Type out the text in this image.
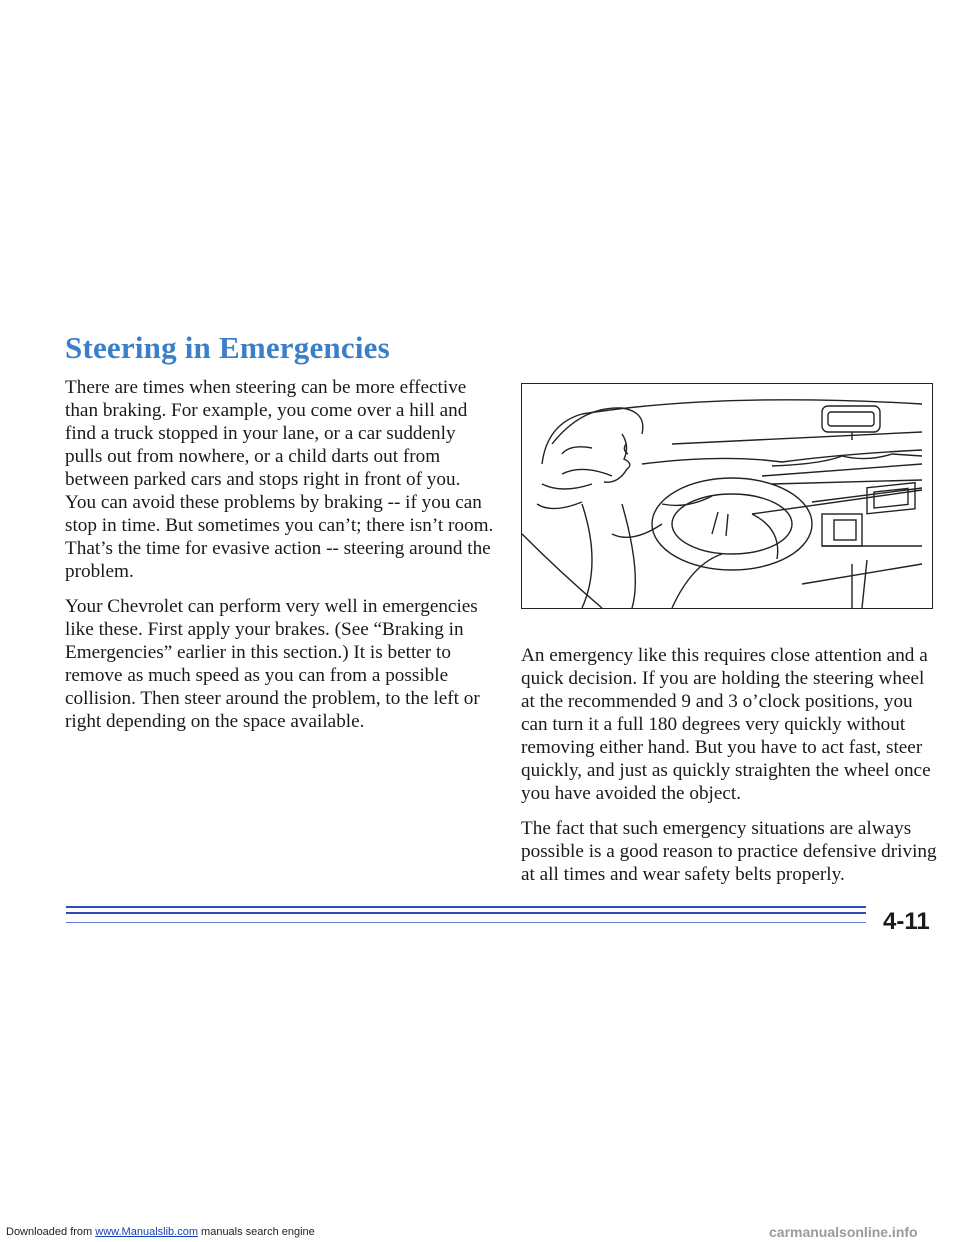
Steering in Emergencies

There are times when steering can be more effective than braking. For example, you come over a hill and find a truck stopped in your lane, or a car suddenly pulls out from nowhere, or a child darts out from between parked cars and stops right in front of you. You can avoid these problems by braking -- if you can stop in time. But sometimes you can’t; there isn’t room. That’s the time for evasive action -- steering around the problem.

Your Chevrolet can perform very well in emergencies like these. First apply your brakes. (See “Braking in Emergencies” earlier in this section.) It is better to remove as much speed as you can from a possible collision. Then steer around the problem, to the left or right depending on the space available.

An emergency like this requires close attention and a quick decision. If you are holding the steering wheel at the recommended 9 and 3 o’clock positions, you can turn it a full 180 degrees very quickly without removing either hand. But you have to act fast, steer quickly, and just as quickly straighten the wheel once you have avoided the object.

The fact that such emergency situations are always possible is a good reason to practice defensive driving at all times and wear safety belts properly.

4-11
Downloaded from www.Manualslib.com manuals search engine	carmanualsonline.info
